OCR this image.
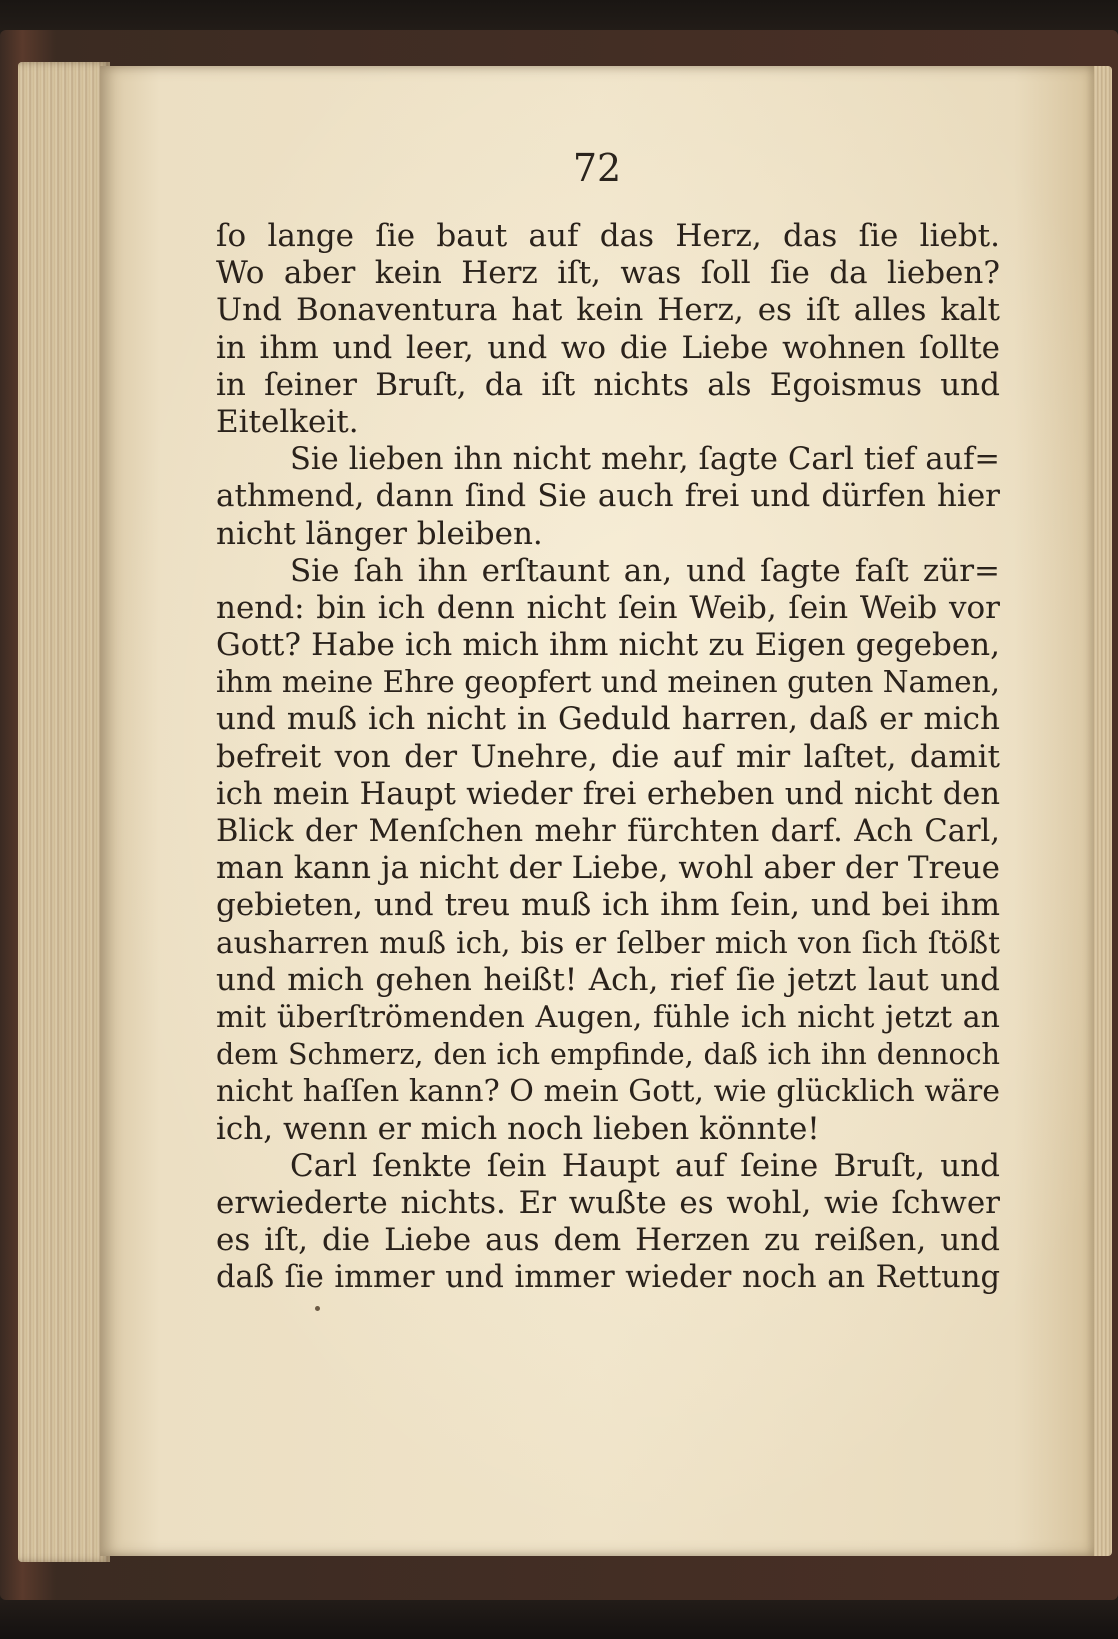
72
ſo lange ſie baut auf das Herz, das ſie liebt.
Wo aber kein Herz iſt, was ſoll ſie da lieben?
Und Bonaventura hat kein Herz, es iſt alles kalt
in ihm und leer, und wo die Liebe wohnen ſollte
in ſeiner Bruſt, da iſt nichts als Egoismus und
Eitelkeit.
Sie lieben ihn nicht mehr, ſagte Carl tief auf=
athmend, dann ſind Sie auch frei und dürfen hier
nicht länger bleiben.
Sie ſah ihn erſtaunt an, und ſagte faſt zür=
nend: bin ich denn nicht ſein Weib, ſein Weib vor
Gott? Habe ich mich ihm nicht zu Eigen gegeben,
ihm meine Ehre geopfert und meinen guten Namen,
und muß ich nicht in Geduld harren, daß er mich
befreit von der Unehre, die auf mir laſtet, damit
ich mein Haupt wieder frei erheben und nicht den
Blick der Menſchen mehr fürchten darf. Ach Carl,
man kann ja nicht der Liebe, wohl aber der Treue
gebieten, und treu muß ich ihm ſein, und bei ihm
ausharren muß ich, bis er ſelber mich von ſich ſtößt
und mich gehen heißt! Ach, rief ſie jetzt laut und
mit überſtrömenden Augen, fühle ich nicht jetzt an
dem Schmerz, den ich empfinde, daß ich ihn dennoch
nicht haſſen kann? O mein Gott, wie glücklich wäre
ich, wenn er mich noch lieben könnte!
Carl ſenkte ſein Haupt auf ſeine Bruſt, und
erwiederte nichts. Er wußte es wohl, wie ſchwer
es iſt, die Liebe aus dem Herzen zu reißen, und
daß ſie immer und immer wieder noch an Rettung
